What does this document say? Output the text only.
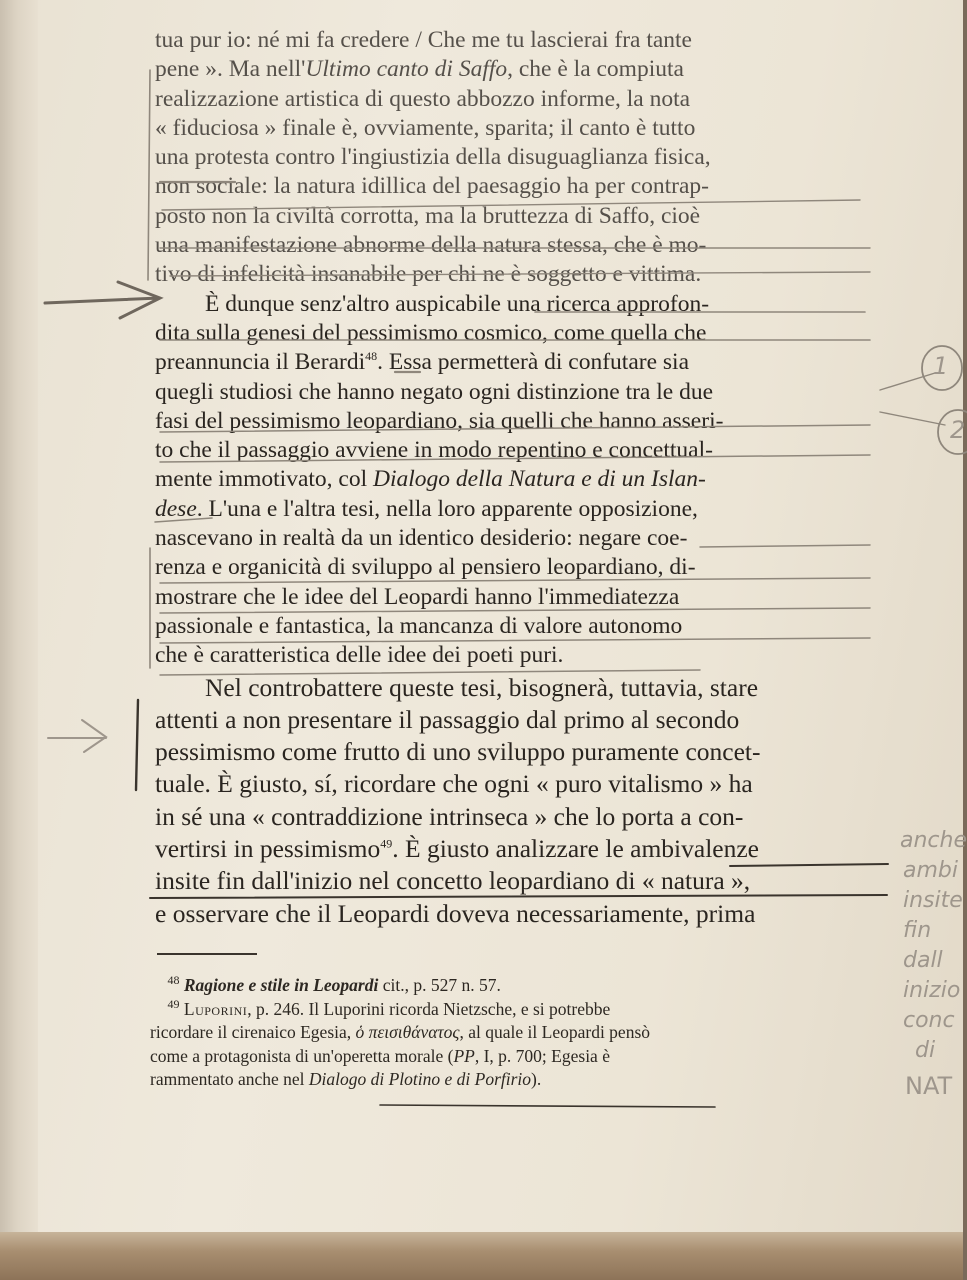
tua pur io: né mi fa credere / Che me tu lascierai fra tante
pene ». Ma nell'Ultimo canto di Saffo, che è la compiuta
realizzazione artistica di questo abbozzo informe, la nota
« fiduciosa » finale è, ovviamente, sparita; il canto è tutto
una protesta contro l'ingiustizia della disuguaglianza fisica,
non sociale: la natura idillica del paesaggio ha per contrap-
posto non la civiltà corrotta, ma la bruttezza di Saffo, cioè
una manifestazione abnorme della natura stessa, che è mo-
tivo di infelicità insanabile per chi ne è soggetto e vittima.
È dunque senz'altro auspicabile una ricerca approfon-
dita sulla genesi del pessimismo cosmico, come quella che
preannuncia il Berardi$^{48}$. Essa permetterà di confutare sia
quegli studiosi che hanno negato ogni distinzione tra le due
fasi del pessimismo leopardiano, sia quelli che hanno asseri-
to che il passaggio avviene in modo repentino e concettual-
mente immotivato, col Dialogo della Natura e di un Islan-
dese. L'una e l'altra tesi, nella loro apparente opposizione,
nascevano in realtà da un identico desiderio: negare coe-
renza e organicità di sviluppo al pensiero leopardiano, di-
mostrare che le idee del Leopardi hanno l'immediatezza
passionale e fantastica, la mancanza di valore autonomo
che è caratteristica delle idee dei poeti puri.
Nel controbattere queste tesi, bisognerà, tuttavia, stare
attenti a non presentare il passaggio dal primo al secondo
pessimismo come frutto di uno sviluppo puramente concet-
tuale. È giusto, sí, ricordare che ogni « puro vitalismo » ha
in sé una « contraddizione intrinseca » che lo porta a con-
vertirsi in pessimismo$^{49}$. È giusto analizzare le ambivalenze
insite fin dall'inizio nel concetto leopardiano di « natura »,
e osservare che il Leopardi doveva necessariamente, prima
$^{48}$ Ragione e stile in Leopardi cit., p. 527 n. 57.
$^{49}$ Luporini, p. 246. Il Luporini ricorda Nietzsche, e si potrebbe
ricordare il cirenaico Egesia, ὁ πεισιθάνατος, al quale il Leopardi pensò
come a protagonista di un'operetta morale (PP, I, p. 700; Egesia è
rammentato anche nel Dialogo di Plotino e di Porfirio).
1
2
anche
ambi
insite
fin
dall
inizio
conc
di
NAT
